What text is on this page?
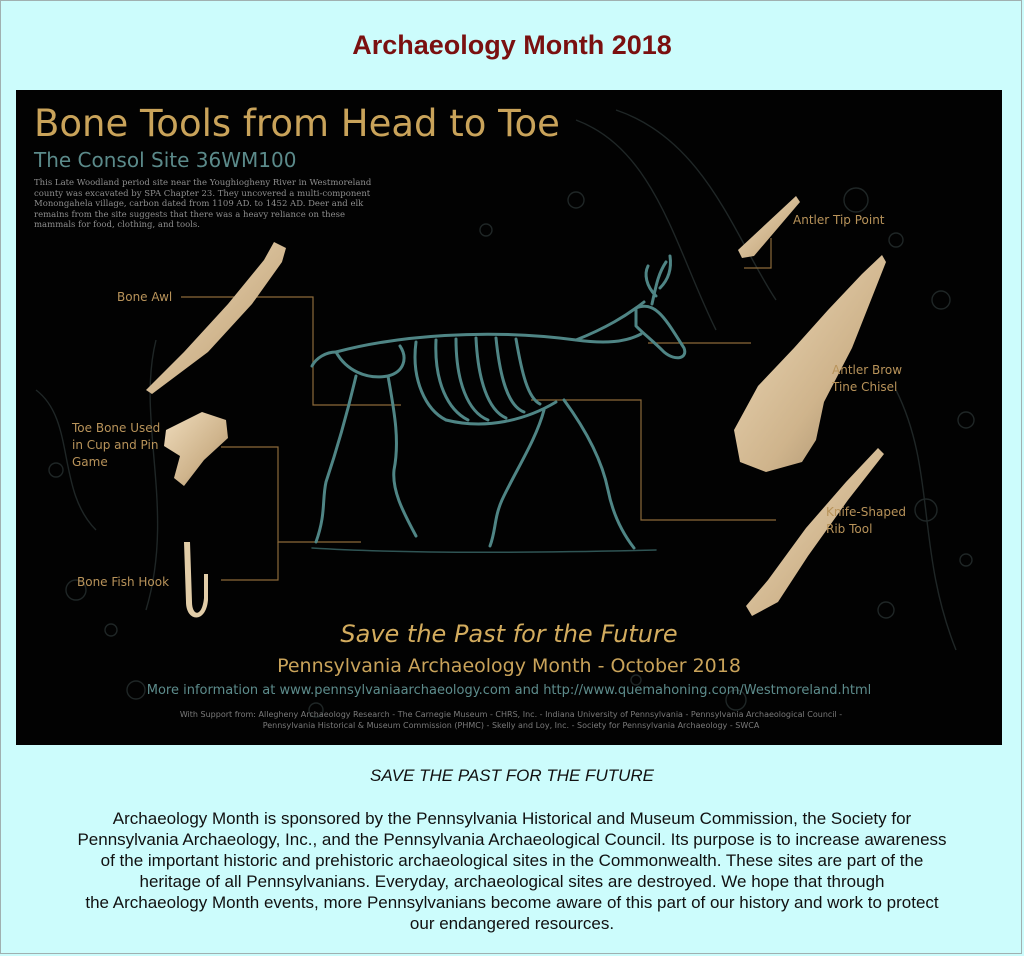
Archaeology Month 2018
Bone Tools from Head to Toe
The Consol Site 36WM100
This Late Woodland period site near the Youghiogheny River in Westmoreland county was excavated by SPA Chapter 23. They uncovered a multi-component Monongahela village, carbon dated from 1109 AD. to 1452 AD. Deer and elk remains from the site suggests that there was a heavy reliance on these mammals for food, clothing, and tools.
Bone Awl
Toe Bone Used
in Cup and Pin
Game
Bone Fish Hook
Antler Tip Point
Antler Brow
Tine Chisel
Knife-Shaped
Rib Tool
Save the Past for the Future
Pennsylvania Archaeology Month - October 2018
More information at www.pennsylvaniaarchaeology.com and http://www.quemahoning.com/Westmoreland.html
With Support from: Allegheny Archaeology Research - The Carnegie Museum - CHRS, Inc. - Indiana University of Pennsylvania - Pennsylvania Archaeological Council -
Pennsylvania Historical & Museum Commission (PHMC) - Skelly and Loy, Inc. - Society for Pennsylvania Archaeology - SWCA
SAVE THE PAST FOR THE FUTURE
Archaeology Month is sponsored by the Pennsylvania Historical and Museum Commission, the Society for
Pennsylvania Archaeology, Inc., and the Pennsylvania Archaeological Council. Its purpose is to increase awareness
of the important historic and prehistoric archaeological sites in the Commonwealth. These sites are part of the
heritage of all Pennsylvanians. Everyday, archaeological sites are destroyed. We hope that through
the Archaeology Month events, more Pennsylvanians become aware of this part of our history and work to protect
our endangered resources.
